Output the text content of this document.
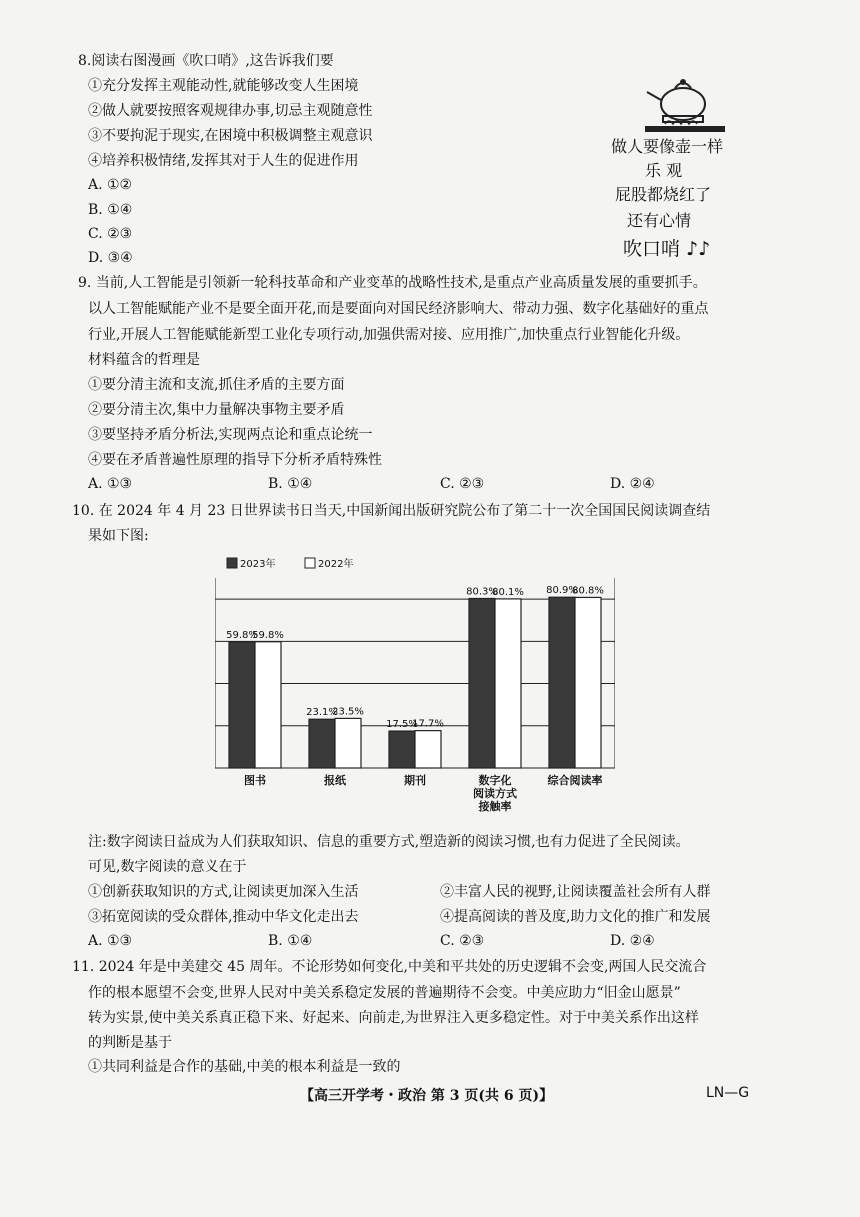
8.阅读右图漫画《吹口哨》,这告诉我们要
①充分发挥主观能动性,就能够改变人生困境
②做人就要按照客观规律办事,切忌主观随意性
③不要拘泥于现实,在困境中积极调整主观意识
④培养积极情绪,发挥其对于人生的促进作用
A. ①②
B. ①④
C. ②③
D. ③④
做人要像壶一样
乐 观
屁股都烧红了
还有心情
吹口哨 ♪♪
9. 当前,人工智能是引领新一轮科技革命和产业变革的战略性技术,是重点产业高质量发展的重要抓手。
以人工智能赋能产业不是要全面开花,而是要面向对国民经济影响大、带动力强、数字化基础好的重点
行业,开展人工智能赋能新型工业化专项行动,加强供需对接、应用推广,加快重点行业智能化升级。
材料蕴含的哲理是
①要分清主流和支流,抓住矛盾的主要方面
②要分清主次,集中力量解决事物主要矛盾
③要坚持矛盾分析法,实现两点论和重点论统一
④要在矛盾普遍性原理的指导下分析矛盾特殊性
A. ①③	B. ①④	C. ②③	D. ②④
10. 在 2024 年 4 月 23 日世界读书日当天,中国新闻出版研究院公布了第二十一次全国国民阅读调查结
果如下图:
2023年	2022年
59.8%
59.8%
图书
23.1%
23.5%
报纸
17.5%
17.7%
期刊
80.3%
80.1%
数字化
阅读方式
接触率
80.9%
80.8%
综合阅读率
注:数字阅读日益成为人们获取知识、信息的重要方式,塑造新的阅读习惯,也有力促进了全民阅读。
可见,数字阅读的意义在于
①创新获取知识的方式,让阅读更加深入生活	②丰富人民的视野,让阅读覆盖社会所有人群
③拓宽阅读的受众群体,推动中华文化走出去	④提高阅读的普及度,助力文化的推广和发展
A. ①③	B. ①④	C. ②③	D. ②④
11. 2024 年是中美建交 45 周年。不论形势如何变化,中美和平共处的历史逻辑不会变,两国人民交流合
作的根本愿望不会变,世界人民对中美关系稳定发展的普遍期待不会变。中美应助力“旧金山愿景”
转为实景,使中美关系真正稳下来、好起来、向前走,为世界注入更多稳定性。对于中美关系作出这样
的判断是基于
①共同利益是合作的基础,中美的根本利益是一致的
【高三开学考・政治 第 3 页(共 6 页)】	LN—G
